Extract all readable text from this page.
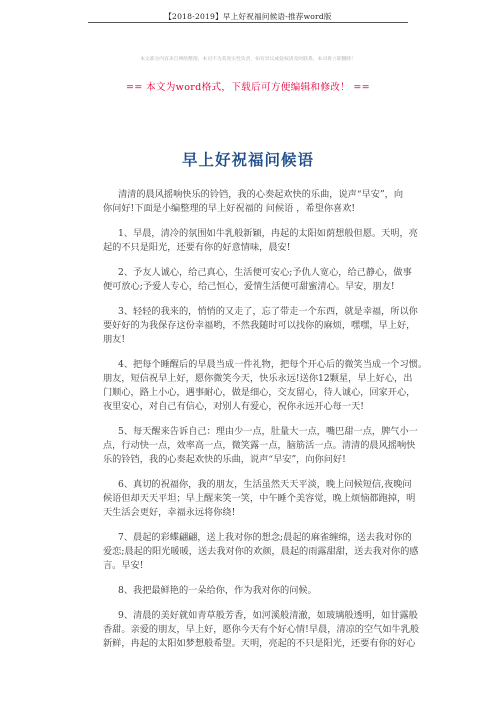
【2018-2019】早上好祝福问候语-推荐word版
本文部分内容来自网络整理，本司不为其真实性负责，如有异议或侵权请及时联系，本司将立即删除！
== 本文为word格式，下载后可方便编辑和修改！ ==
早上好祝福问候语
清清的晨风摇响快乐的铃铛，我的心奏起欢快的乐曲，说声“早安”，向
你问好!下面是小编整理的早上好祝福的 问候语 ，希望你喜欢!
1、早晨，清冷的氛围如牛乳般新颖，冉起的太阳如荫想般但愿。天明，亮
起的不只是阳光，还要有你的好意情味，晨安!
2、予友人诚心，给己真心，生活便可安心;予仇人宽心，给己静心，做事
便可放心;予爱人专心，给己恒心，爱情生活便可甜蜜清心。早安，朋友!
3、轻轻的我来的，悄悄的又走了，忘了带走一个东西，就是幸福，所以你
要好好的为我保存这份幸福哟，不然我随时可以找你的麻烦，嘿嘿，早上好，
朋友!
4、把每个睡醒后的早晨当成一件礼物，把每个开心后的微笑当成一个习惯。
朋友，短信祝早上好，愿你微笑今天，快乐永远!送你12颗星，早上好心，出
门顺心，路上小心，遇事耐心，做是细心，交友留心，待人诚心，回家开心，
夜里安心，对自己有信心，对别人有爱心，祝你永远开心每一天!
5、每天醒来告诉自己：理由少一点，肚量大一点，嘴巴甜一点，脾气小一
点，行动快一点，效率高一点，微笑露一点，脑筋活一点。清清的晨风摇响快
乐的铃铛，我的心奏起欢快的乐曲，说声“早安”，向你问好!
6、真切的祝福你，我的朋友，生活虽然天天平淡，晚上问候短信,夜晚问
候语但却天天平坦；早上醒来笑一笑，中午睡个美容觉，晚上烦恼都跑掉，明
天生活会更好，幸福永远将你绕!
7、晨起的彩蝶翩翩，送上我对你的想念;晨起的麻雀缠绵，送去我对你的
爱恋;晨起的阳光暖暖，送去我对你的欢颜，晨起的雨露甜甜，送去我对你的感
言。早安!
8、我把最鲜艳的一朵给你，作为我对你的问候。
9、清晨的美好就如青草般芳香，如河溪般清澈，如玻璃般透明，如甘露般
香甜。亲爱的朋友，早上好，愿你今天有个好心情!早晨，清凉的空气如牛乳般
新鲜，冉起的太阳如梦想般希望。天明，亮起的不只是阳光，还要有你的好心
